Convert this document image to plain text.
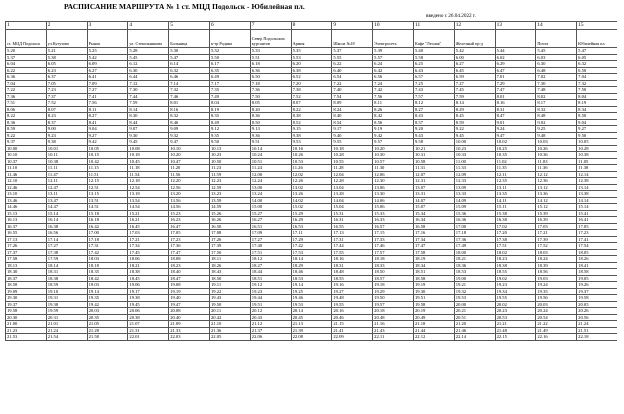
РАСПИСАНИЕ МАРШРУТА № 1 ст. МЦД Подольск - Юбилейная пл.
введено с 26.04.2022 г.
1	2	3	4	5	6	7	8	9	10	11	12	13	14	15
ст. МЦД Подольск	ул.Кутузова	Рынок	ул. Стекольникова	Больница	к-тр Родина	Север Подольских курсантов	Армия	Школа №18	Электросеть	Кафе "Лесная"	Железный пр-д		Почта	Юбилейная пл.
5.20	5.21	5.25	5.28	5.30	5.32	5.33	5.35	5.37	5.39	5.40	5.42	5.44	5.45	5.47
5.37	5.38	5.42	5.45	5.47	5.50	5.51	5.53	5.55	5.57	5.58	6.00	6.02	6.03	6.05
6.04	6.05	6.09	6.12	6.14	6.17	6.18	6.20	6.22	6.24	6.25	6.27	6.29	6.30	6.32
6.22	6.23	6.27	6.30	6.32	6.35	6.36	6.38	6.40	6.42	6.43	6.45	6.47	6.48	6.50
6.36	6.37	6.41	6.44	6.46	6.49	6.50	6.52	6.54	6.56	6.57	6.59	7.01	7.02	7.04
7.04	7.05	7.09	7.12	7.14	7.17	7.18	7.20	7.22	7.24	7.25	7.27	7.29	7.30	7.32
7.22	7.23	7.27	7.30	7.32	7.35	7.36	7.38	7.40	7.42	7.43	7.45	7.47	7.48	7.50
7.36	7.37	7.41	7.44	7.46	7.49	7.50	7.52	7.54	7.56	7.57	7.59	8.01	8.02	8.04
7.51	7.52	7.56	7.59	8.01	8.04	8.05	8.07	8.09	8.11	8.12	8.14	8.16	8.17	8.19
8.06	8.07	8.11	8.14	8.16	8.19	8.20	8.22	8.24	8.26	8.27	8.29	8.31	8.32	8.34
8.22	8.23	8.27	8.30	8.32	8.35	8.36	8.38	8.40	8.42	8.43	8.45	8.47	8.48	8.50
8.36	8.37	8.41	8.44	8.46	8.49	8.50	8.52	8.54	8.56	8.57	8.59	9.01	9.02	9.04
8.59	9.00	9.04	9.07	9.09	9.12	9.13	9.15	9.17	9.19	9.20	9.22	9.24	9.25	9.27
9.22	9.23	9.27	9.30	9.32	9.35	9.36	9.38	9.40	9.42	9.43	9.45	9.47	9.48	9.50
9.37	9.38	9.42	9.45	9.47	9.50	9.51	9.53	9.55	9.57	9.58	10.00	10.02	10.03	10.05
10.00	10.01	10.05	10.08	10.10	10.13	10.14	10.16	10.18	10.20	10.21	10.23	10.25	10.26	10.28
10.10	10.11	10.15	10.18	10.20	10.23	10.24	10.26	10.28	10.30	10.31	10.33	10.35	10.36	10.38
10.37	10.38	10.42	10.45	10.47	10.50	10.51	10.53	10.55	10.57	10.58	11.00	11.02	11.03	11.05
11.10	11.11	11.15	11.18	11.20	11.23	11.24	11.26	11.28	11.30	11.31	11.33	11.35	11.36	11.38
11.46	11.47	11.51	11.54	11.56	11.59	12.00	12.02	12.04	12.06	12.07	12.09	12.11	12.12	12.14
12.10	12.11	12.15	12.18	12.20	12.23	12.24	12.26	12.28	12.30	12.31	12.33	12.35	12.36	12.38
12.46	12.47	12.51	12.54	12.56	12.59	13.00	13.02	13.04	13.06	13.07	13.09	13.11	13.12	13.14
13.10	13.11	13.15	13.18	13.20	13.23	13.24	13.26	13.28	13.30	13.31	13.33	13.35	13.36	13.38
13.46	13.47	13.51	13.54	13.56	13.59	14.00	14.02	14.04	14.06	14.07	14.09	14.11	14.12	14.14
14.46	14.47	14.51	14.54	14.56	14.59	15.00	15.02	15.04	15.06	15.07	15.09	15.11	15.12	15.14
15.13	15.14	15.18	15.21	15.23	15.26	15.27	15.29	15.31	15.33	15.34	15.36	15.38	15.39	15.41
16.13	16.14	16.18	16.21	16.23	16.26	16.27	16.29	16.31	16.33	16.34	16.36	16.38	16.39	16.41
16.37	16.38	16.42	16.45	16.47	16.50	16.51	16.53	16.55	16.57	16.58	17.00	17.02	17.03	17.05
16.55	16.56	17.00	17.03	17.05	17.08	17.09	17.11	17.13	17.15	17.16	17.18	17.20	17.21	17.23
17.13	17.14	17.18	17.21	17.23	17.26	17.27	17.29	17.31	17.33	17.34	17.36	17.38	17.39	17.41
17.26	17.27	17.31	17.34	17.36	17.39	17.40	17.42	17.44	17.46	17.47	17.49	17.51	17.52	17.54
17.37	17.38	17.42	17.45	17.47	17.50	17.51	17.53	17.55	17.57	17.58	18.00	18.02	18.03	18.05
17.58	17.59	18.03	18.06	18.08	18.11	18.12	18.14	18.16	18.18	18.19	18.21	18.23	18.24	18.26
18.13	18.14	18.18	18.21	18.23	18.26	18.27	18.29	18.31	18.33	18.34	18.36	18.38	18.39	18.41
18.30	18.31	18.35	18.38	18.40	18.43	18.44	18.46	18.48	18.50	18.51	18.53	18.55	18.56	18.58
18.37	18.38	18.42	18.45	18.47	18.50	18.51	18.53	18.55	18.57	18.58	19.00	19.02	19.03	19.05
18.58	18.59	19.03	19.06	19.08	19.11	19.12	19.14	19.16	19.18	19.19	19.21	19.23	19.24	19.26
19.09	19.10	19.14	19.17	19.19	19.22	19.23	19.25	19.27	19.29	19.30	19.32	19.34	19.35	19.37
19.30	19.31	19.35	19.38	19.40	19.43	19.44	19.46	19.48	19.50	19.51	19.53	19.55	19.56	19.58
19.37	19.38	19.42	19.45	19.47	19.50	19.51	19.53	19.55	19.57	19.58	20.00	20.02	20.03	20.05
19.58	19.59	20.03	20.06	20.08	20.11	20.12	20.14	20.16	20.18	20.19	20.21	20.23	20.24	20.26
20.30	20.31	20.35	20.38	20.40	20.42	20.43	20.45	20.46	20.48	20.49	20.51	20.53	20.54	20.56
21.00	21.01	21.05	21.07	21.09	21.10	21.12	21.13	21.15	21.16	21.18	21.20	21.21	21.22	21.24
21.23	21.24	21.28	21.31	21.33	21.36	21.37	21.39	21.41	21.43	21.44	21.46	21.48	21.49	21.51
21.53	21.54	21.58	22.01	22.03	22.05	22.06	22.08	22.09	22.11	22.12	22.14	22.15	22.16	22.18
